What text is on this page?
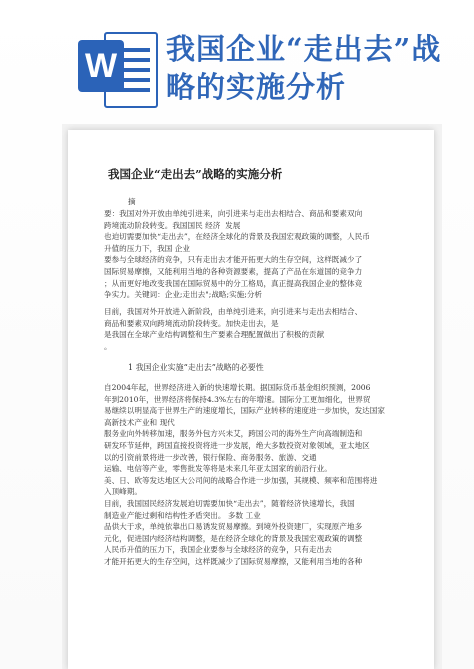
W 我国企业“走出去”战略的实施分析
我国企业“走出去”战略的实施分析
摘
要：我国对外开放由单纯引进来，向引进来与走出去相结合、商品和要素双向
跨境流动阶段转变。我国国民 经济  发展
也迫切需要加快“走出去”，在经济全球化的背景及我国宏观政策的调整，人民币
升值的压力下，我国 企业
要参与全球经济的竞争，只有走出去才能开拓更大的生存空间，这样既减少了
国际贸易摩擦，又能利用当地的各种资源要素，提高了产品在东道国的竞争力
；从而更好地改变我国在国际贸易中的分工格局，真正提高我国企业的整体竞
争实力。关键词：企业;走出去";战略;实施;分析
目前，我国对外开放进入新阶段，由单纯引进来，向引进来与走出去相结合、
商品和要素双向跨境流动阶段转变。加快走出去，是
是我国在全球产业结构调整和生产要素合理配置做出了积极的贡献
。
1 我国企业实施“走出去”战略的必要性
自2004年起，世界经济进入新的快速增长期。据国际货币基金组织预测，2006
年到2010年，世界经济将保持4.3%左右的年增速。国际分工更加细化，世界贸
易继续以明显高于世界生产的速度增长，国际产业转移的速度进一步加快，发达国家
高新技术产业和 现代
服务业向外转移加速，服务外包方兴未艾，跨国公司的海外生产向高端制造和
研发环节延伸，跨国直接投资将进一步发展，绝大多数投资对象领域，亚太地区
以的引资前景将进一步改善，银行保险、商务服务、旅游、交通
运输、电信等产业，零售批发等将是未来几年亚太国家的前沿行业。
美、日、欧等发达地区大公司间的战略合作进一步加强，其规模、频率和范围将进
入顶峰期。
目前，我国国民经济发展迫切需要加快“走出去”，随着经济快速增长，我国
制造业产能过剩和结构性矛盾突出。 多数 工业
品供大于求，单纯依靠出口易诱发贸易摩擦。到境外投资建厂，实现原产地多
元化，促进国内经济结构调整，是在经济全球化的背景及我国宏观政策的调整
人民币升值的压力下，我国企业要参与全球经济的竞争，只有走出去
才能开拓更大的生存空间，这样既减少了国际贸易摩擦，又能利用当地的各种
​
